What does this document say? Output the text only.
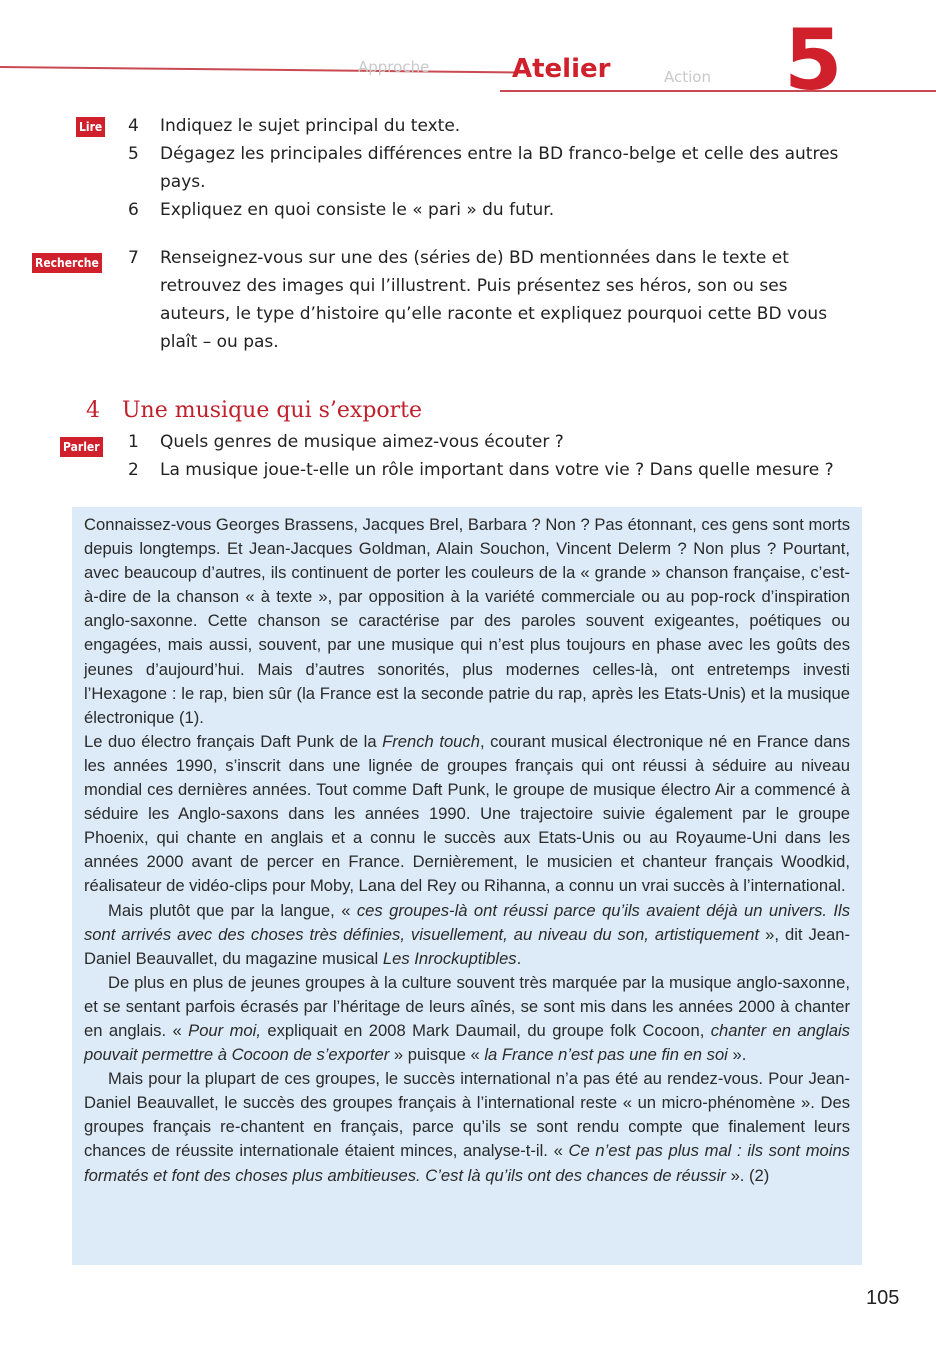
Approche	Atelier	Action 5
Lire 4	Indiquez le sujet principal du texte.
5	Dégagez les principales différences entre la BD franco-belge et celle des autres pays.
6	Expliquez en quoi consiste le « pari » du futur.
Recherche 7	Renseignez-vous sur une des (séries de) BD mentionnées dans le texte et retrouvez des images qui l’illustrent. Puis présentez ses héros, son ou ses auteurs, le type d’histoire qu’elle raconte et expliquez pourquoi cette BD vous plaît – ou pas.
4 Une musique qui s’exporte
Parler 1	Quels genres de musique aimez-vous écouter ?
2	La musique joue-t-elle un rôle important dans votre vie ? Dans quelle mesure ?

Connaissez-vous Georges Brassens, Jacques Brel, Barbara ? Non ? Pas étonnant, ces gens sont morts depuis longtemps. Et Jean-Jacques Goldman, Alain Souchon, Vincent Delerm ? Non plus ? Pourtant, avec beaucoup d’autres, ils continuent de porter les couleurs de la « grande » chanson française, c’est-à-dire de la chanson « à texte », par opposition à la variété commerciale ou au pop-rock d’inspiration anglo-saxonne. Cette chanson se caractérise par des paroles souvent exigeantes, poétiques ou engagées, mais aussi, souvent, par une musique qui n’est plus toujours en phase avec les goûts des jeunes d’aujourd’hui. Mais d’autres sonorités, plus modernes celles-là, ont entretemps investi l’Hexagone : le rap, bien sûr (la France est la seconde patrie du rap, après les Etats-Unis) et la musique électronique (1).

Le duo électro français Daft Punk de la French touch, courant musical électronique né en France dans les années 1990, s’inscrit dans une lignée de groupes français qui ont réussi à séduire au niveau mondial ces dernières années. Tout comme Daft Punk, le groupe de musique électro Air a commencé à séduire les Anglo-saxons dans les années 1990. Une trajectoire suivie également par le groupe Phoenix, qui chante en anglais et a connu le succès aux Etats-Unis ou au Royaume-Uni dans les années 2000 avant de percer en France. Dernièrement, le musicien et chanteur français Woodkid, réalisateur de vidéo-clips pour Moby, Lana del Rey ou Rihanna, a connu un vrai succès à l’international.

Mais plutôt que par la langue, « ces groupes-là ont réussi parce qu’ils avaient déjà un univers. Ils sont arrivés avec des choses très définies, visuellement, au niveau du son, artistiquement », dit Jean-Daniel Beauvallet, du magazine musical Les Inrockuptibles.

De plus en plus de jeunes groupes à la culture souvent très marquée par la musique anglo-saxonne, et se sentant parfois écrasés par l’héritage de leurs aînés, se sont mis dans les années 2000 à chanter en anglais. « Pour moi, expliquait en 2008 Mark Daumail, du groupe folk Cocoon, chanter en anglais pouvait permettre à Cocoon de s’exporter » puisque « la France n’est pas une fin en soi ».

Mais pour la plupart de ces groupes, le succès international n’a pas été au rendez-vous. Pour Jean-Daniel Beauvallet, le succès des groupes français à l’international reste « un micro-phénomène ». Des groupes français re-chantent en français, parce qu’ils se sont rendu compte que finalement leurs chances de réussite internationale étaient minces, analyse-t-il. « Ce n’est pas plus mal : ils sont moins formatés et font des choses plus ambitieuses. C’est là qu’ils ont des chances de réussir ». (2)

105
